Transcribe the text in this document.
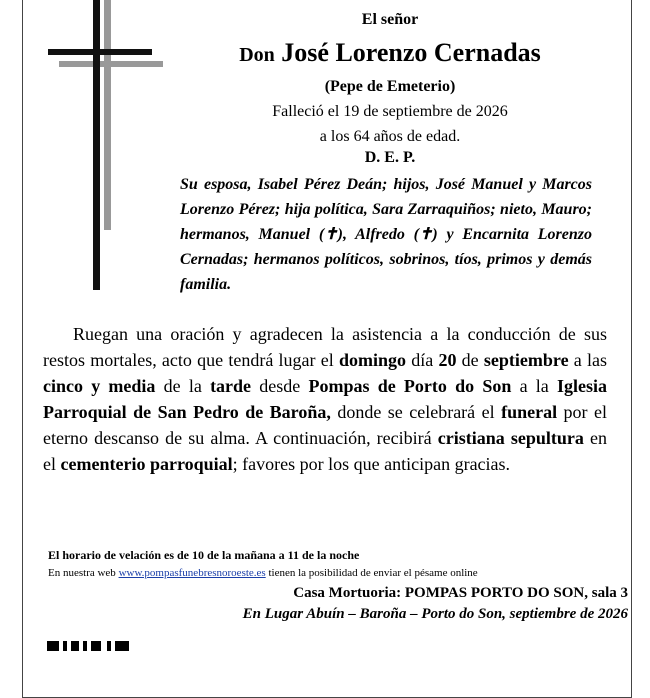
El señor
Don José Lorenzo Cernadas
(Pepe de Emeterio)
Falleció el 19 de septiembre de 2026
a los 64 años de edad.
D. E. P.
Su esposa, Isabel Pérez Deán; hijos, José Manuel y Marcos Lorenzo Pérez; hija política, Sara Zarraquiños; nieto, Mauro; hermanos, Manuel (✝), Alfredo (✝) y Encarnita Lorenzo Cernadas; hermanos políticos, sobrinos, tíos, primos y demás familia.
Ruegan una oración y agradecen la asistencia a la conducción de sus restos mortales, acto que tendrá lugar el domingo día 20 de septiembre a las cinco y media de la tarde desde Pompas de Porto do Son a la Iglesia Parroquial de San Pedro de Baroña, donde se celebrará el funeral por el eterno descanso de su alma. A continuación, recibirá cristiana sepultura en el cementerio parroquial; favores por los que anticipan gracias.
El horario de velación es de 10 de la mañana a 11 de la noche
En nuestra web www.pompasfunebresnoroeste.es tienen la posibilidad de enviar el pésame online
Casa Mortuoria: POMPAS PORTO DO SON, sala 3
En Lugar Abuín – Baroña – Porto do Son, septiembre de 2026
